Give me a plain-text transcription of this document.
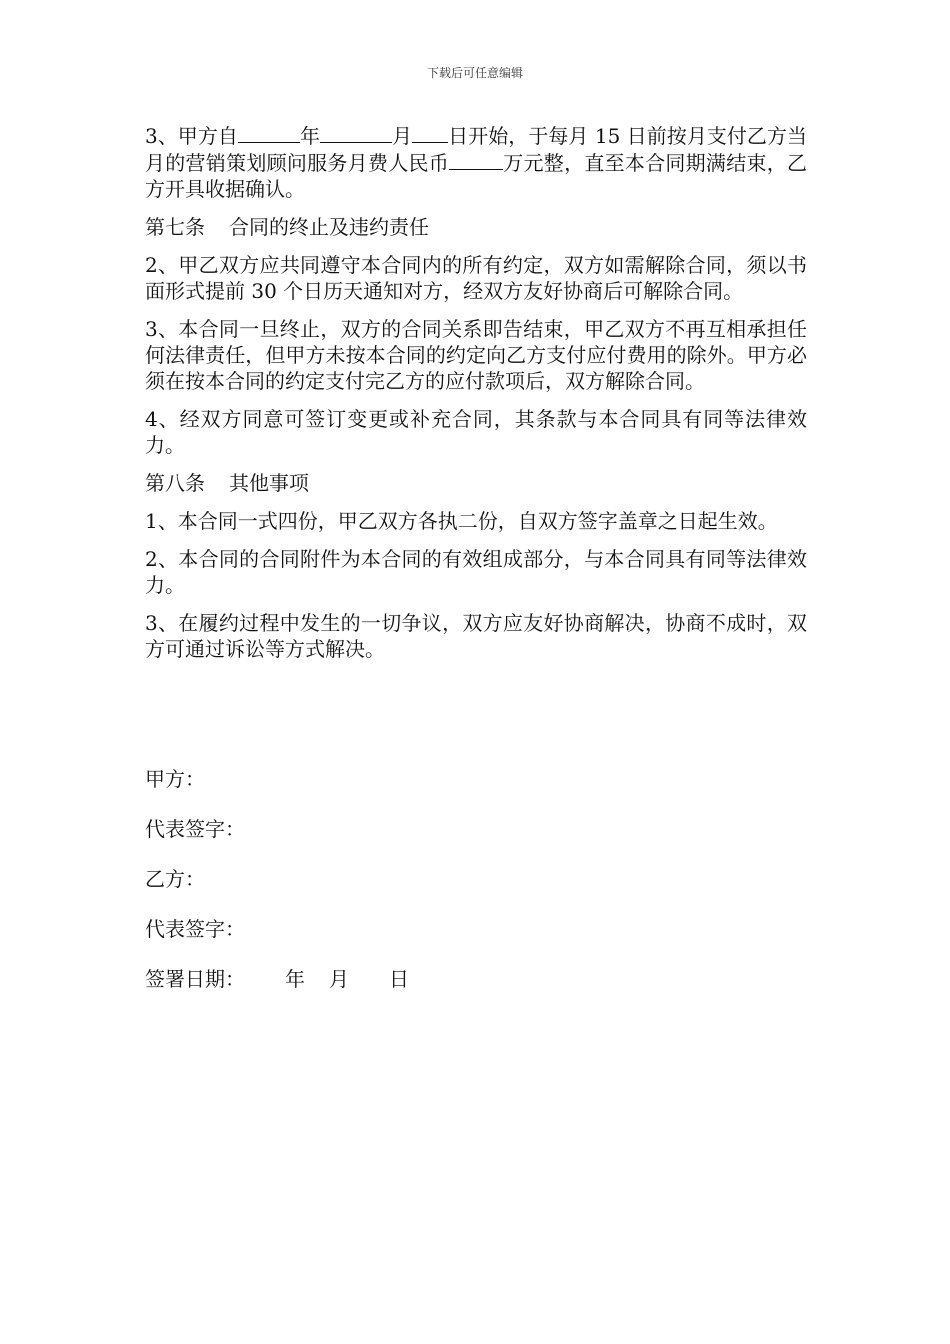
下载后可任意编辑

3、甲方自	年	月 日开始，于每月 15 日前按月支付乙方当月的营销策划顾问服务月费人民币	万元整，直至本合同期满结束，乙方开具收据确认。

第七条 合同的终止及违约责任

2、甲乙双方应共同遵守本合同内的所有约定，双方如需解除合同，须以书面形式提前 30 个日历天通知对方，经双方友好协商后可解除合同。

3、本合同一旦终止，双方的合同关系即告结束，甲乙双方不再互相承担任何法律责任，但甲方未按本合同的约定向乙方支付应付费用的除外。甲方必须在按本合同的约定支付完乙方的应付款项后，双方解除合同。

4、经双方同意可签订变更或补充合同，其条款与本合同具有同等法律效力。

第八条 其他事项

1、本合同一式四份，甲乙双方各执二份，自双方签字盖章之日起生效。

2、本合同的合同附件为本合同的有效组成部分，与本合同具有同等法律效力。

3、在履约过程中发生的一切争议，双方应友好协商解决，协商不成时，双方可通过诉讼等方式解决。

甲方：
代表签字：
乙方：
代表签字：
签署日期： 年 月 日
